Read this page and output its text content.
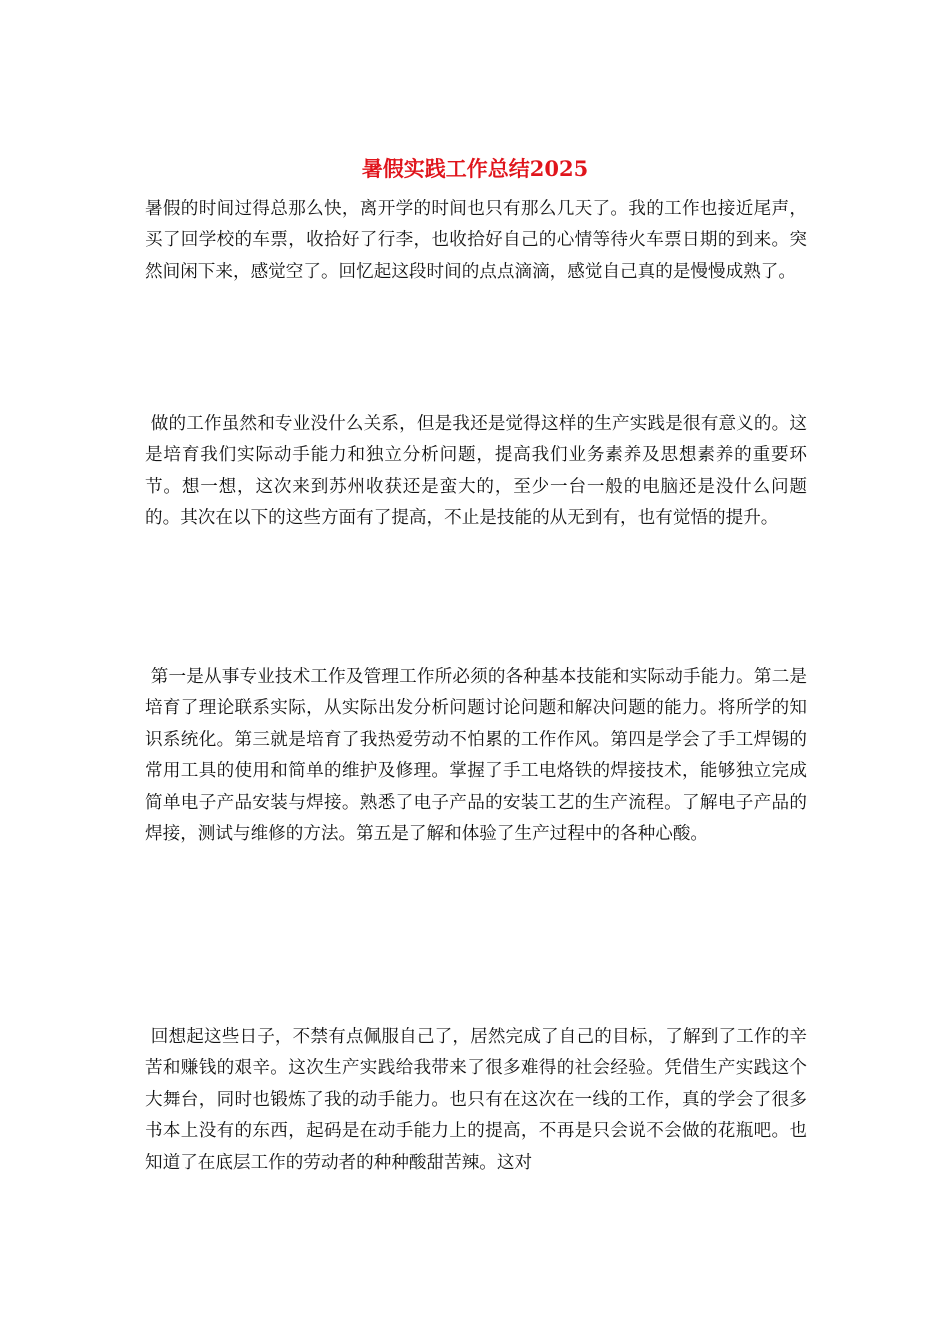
暑假实践工作总结2025

暑假的时间过得总那么快，离开学的时间也只有那么几天了。我的工作也接近尾声，买了回学校的车票，收拾好了行李，也收拾好自己的心情等待火车票日期的到来。突然间闲下来，感觉空了。回忆起这段时间的点点滴滴，感觉自己真的是慢慢成熟了。

做的工作虽然和专业没什么关系，但是我还是觉得这样的生产实践是很有意义的。这是培育我们实际动手能力和独立分析问题，提高我们业务素养及思想素养的重要环节。想一想，这次来到苏州收获还是蛮大的，至少一台一般的电脑还是没什么问题的。其次在以下的这些方面有了提高，不止是技能的从无到有，也有觉悟的提升。

第一是从事专业技术工作及管理工作所必须的各种基本技能和实际动手能力。第二是培育了理论联系实际，从实际出发分析问题讨论问题和解决问题的能力。将所学的知识系统化。第三就是培育了我热爱劳动不怕累的工作作风。第四是学会了手工焊锡的常用工具的使用和简单的维护及修理。掌握了手工电烙铁的焊接技术，能够独立完成简单电子产品安装与焊接。熟悉了电子产品的安装工艺的生产流程。了解电子产品的焊接，测试与维修的方法。第五是了解和体验了生产过程中的各种心酸。

回想起这些日子，不禁有点佩服自己了，居然完成了自己的目标，了解到了工作的辛苦和赚钱的艰辛。这次生产实践给我带来了很多难得的社会经验。凭借生产实践这个大舞台，同时也锻炼了我的动手能力。也只有在这次在一线的工作，真的学会了很多书本上没有的东西，起码是在动手能力上的提高，不再是只会说不会做的花瓶吧。也知道了在底层工作的劳动者的种种酸甜苦辣。这对
